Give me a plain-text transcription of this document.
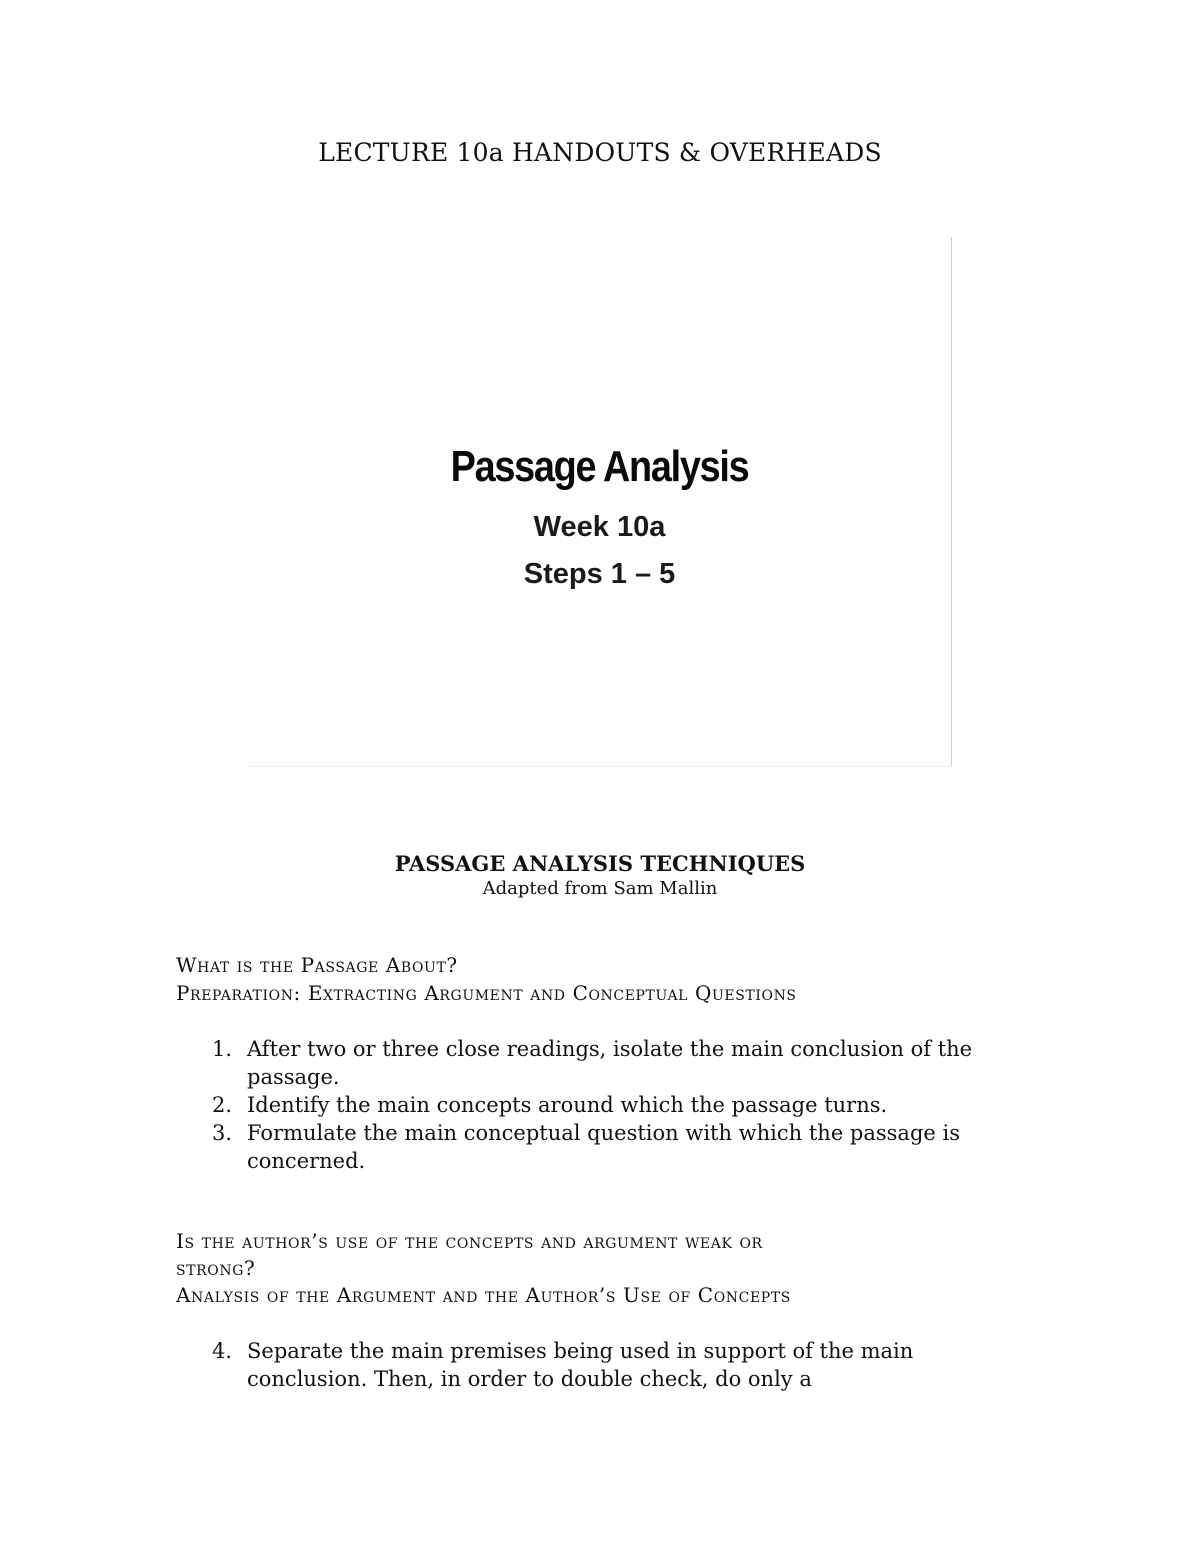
LECTURE 10a HANDOUTS & OVERHEADS
Passage Analysis
Week 10a
Steps 1 – 5
PASSAGE ANALYSIS TECHNIQUES
Adapted from Sam Mallin
What is the Passage About?
Preparation: Extracting Argument and Conceptual Questions
1. After two or three close readings, isolate the main conclusion of the passage.
2. Identify the main concepts around which the passage turns.
3. Formulate the main conceptual question with which the passage is concerned.
Is the author’s use of the concepts and argument weak or
strong?
Analysis of the Argument and the Author’s Use of Concepts
4. Separate the main premises being used in support of the main conclusion. Then, in order to double check, do only a
